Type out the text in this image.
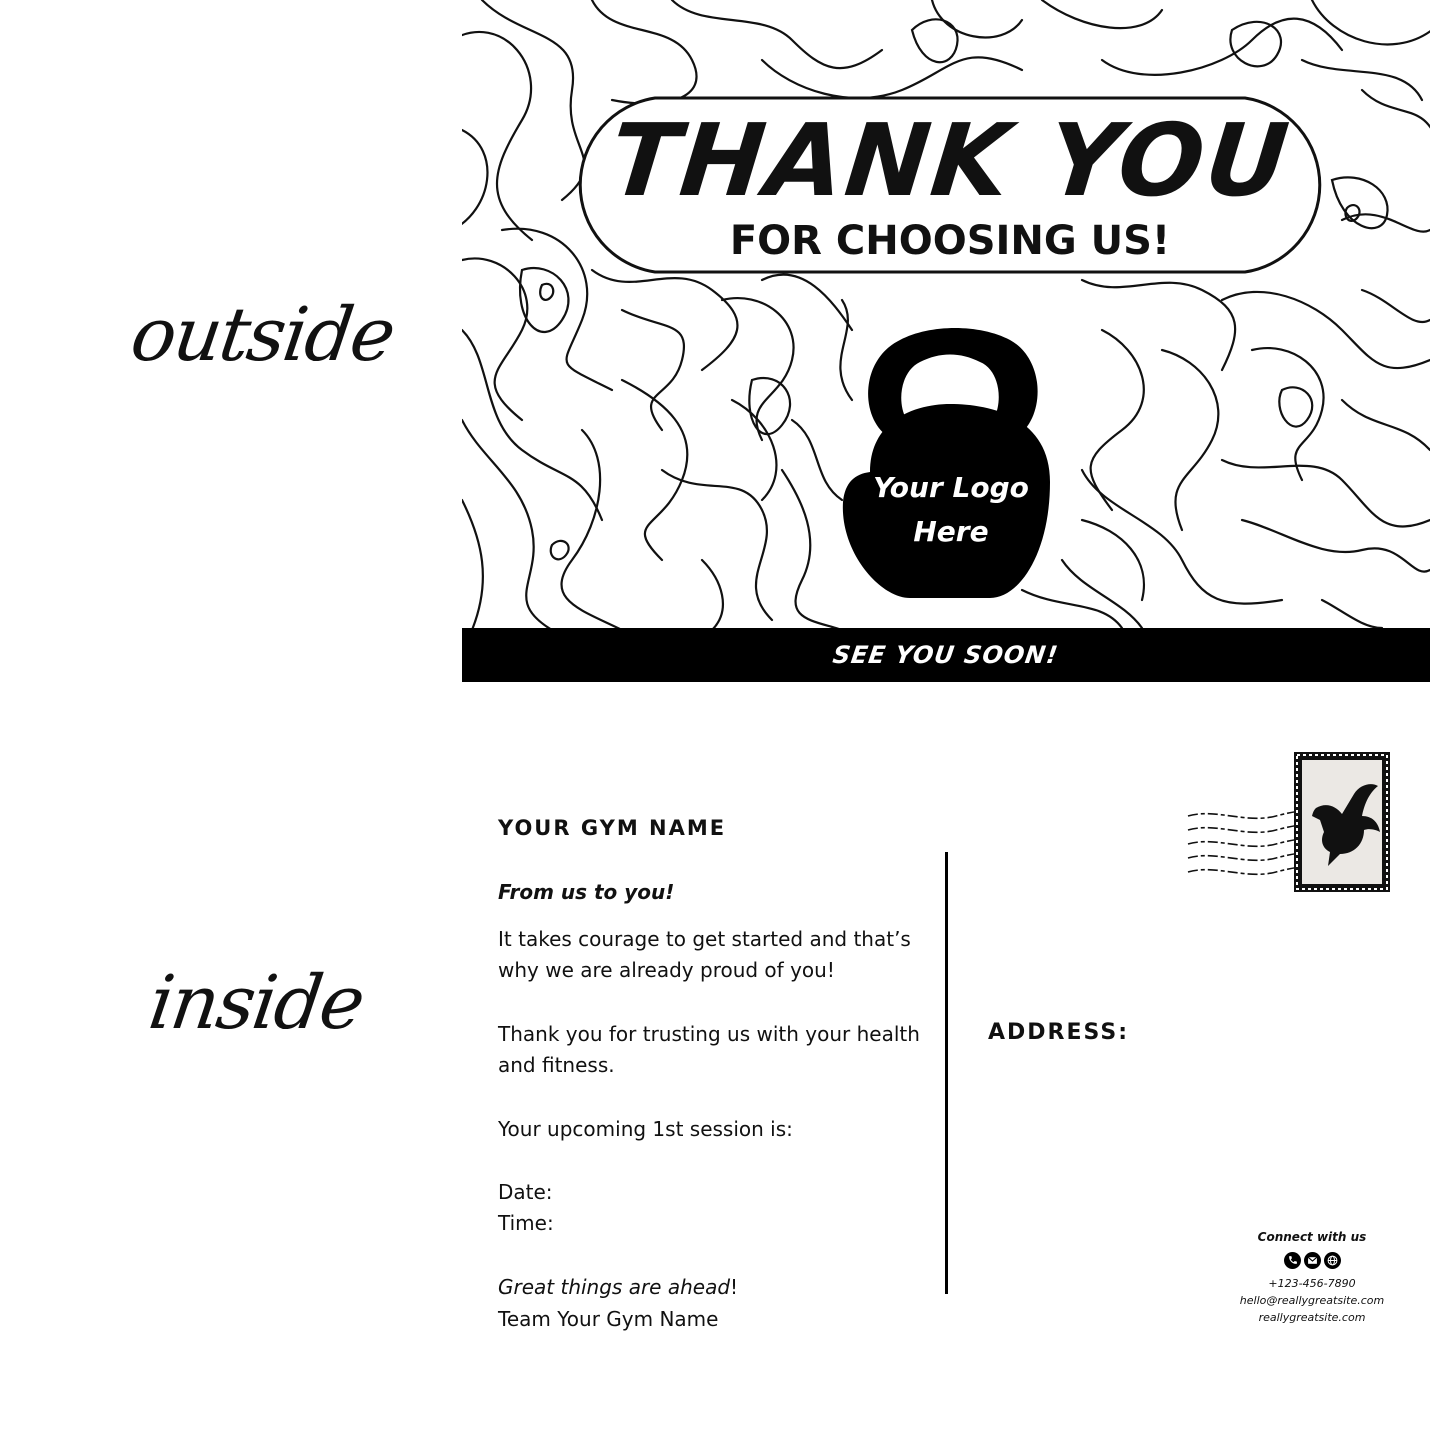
outside
inside
THANK YOU
FOR CHOOSING US!
Your Logo
Here
SEE YOU SOON!
YOUR GYM NAME
From us to you!
It takes courage to get started and that’s why we are already proud of you!
Thank you for trusting us with your health and fitness.
Your upcoming 1st session is:
Date:
Time:
Great things are ahead!
Team Your Gym Name
ADDRESS:
Connect with us
+123-456-7890
hello@reallygreatsite.com
reallygreatsite.com
